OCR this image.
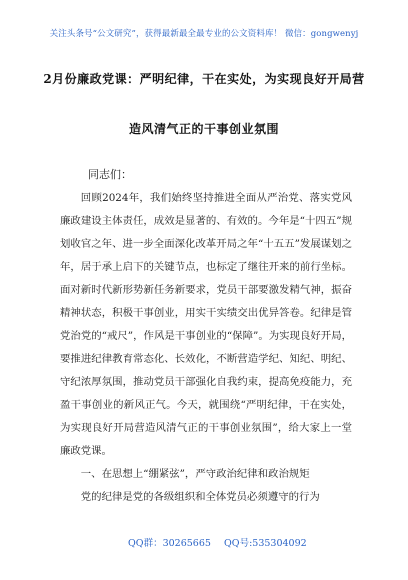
关注头条号“公文研究”，获得最新最全最专业的公文资料库！ 微信：gongwenyj
2月份廉政党课：严明纪律，干在实处，为实现良好开局营
造风清气正的干事创业氛围
同志们：

回顾2024年，我们始终坚持推进全面从严治党、落实党风廉政建设主体责任，成效是显著的、有效的。今年是“十四五”规划收官之年、进一步全面深化改革开局之年“十五五”发展谋划之年，居于承上启下的关键节点，也标定了继往开来的前行坐标。面对新时代新形势新任务新要求，党员干部要激发精气神，振奋精神状态，积极干事创业，用实干实绩交出优异答卷。纪律是管党治党的“戒尺”，作风是干事创业的“保障”。为实现良好开局，要推进纪律教育常态化、长效化，不断营造学纪、知纪、明纪、守纪浓厚氛围，推动党员干部强化自我约束，提高免疫能力，充盈干事创业的新风正气。今天，就围绕“严明纪律，干在实处，为实现良好开局营造风清气正的干事创业氛围”，给大家上一堂廉政党课。

一、在思想上“绷紧弦”，严守政治纪律和政治规矩

党的纪律是党的各级组织和全体党员必须遵守的行为

QQ群：30265665 QQ号:535304092
